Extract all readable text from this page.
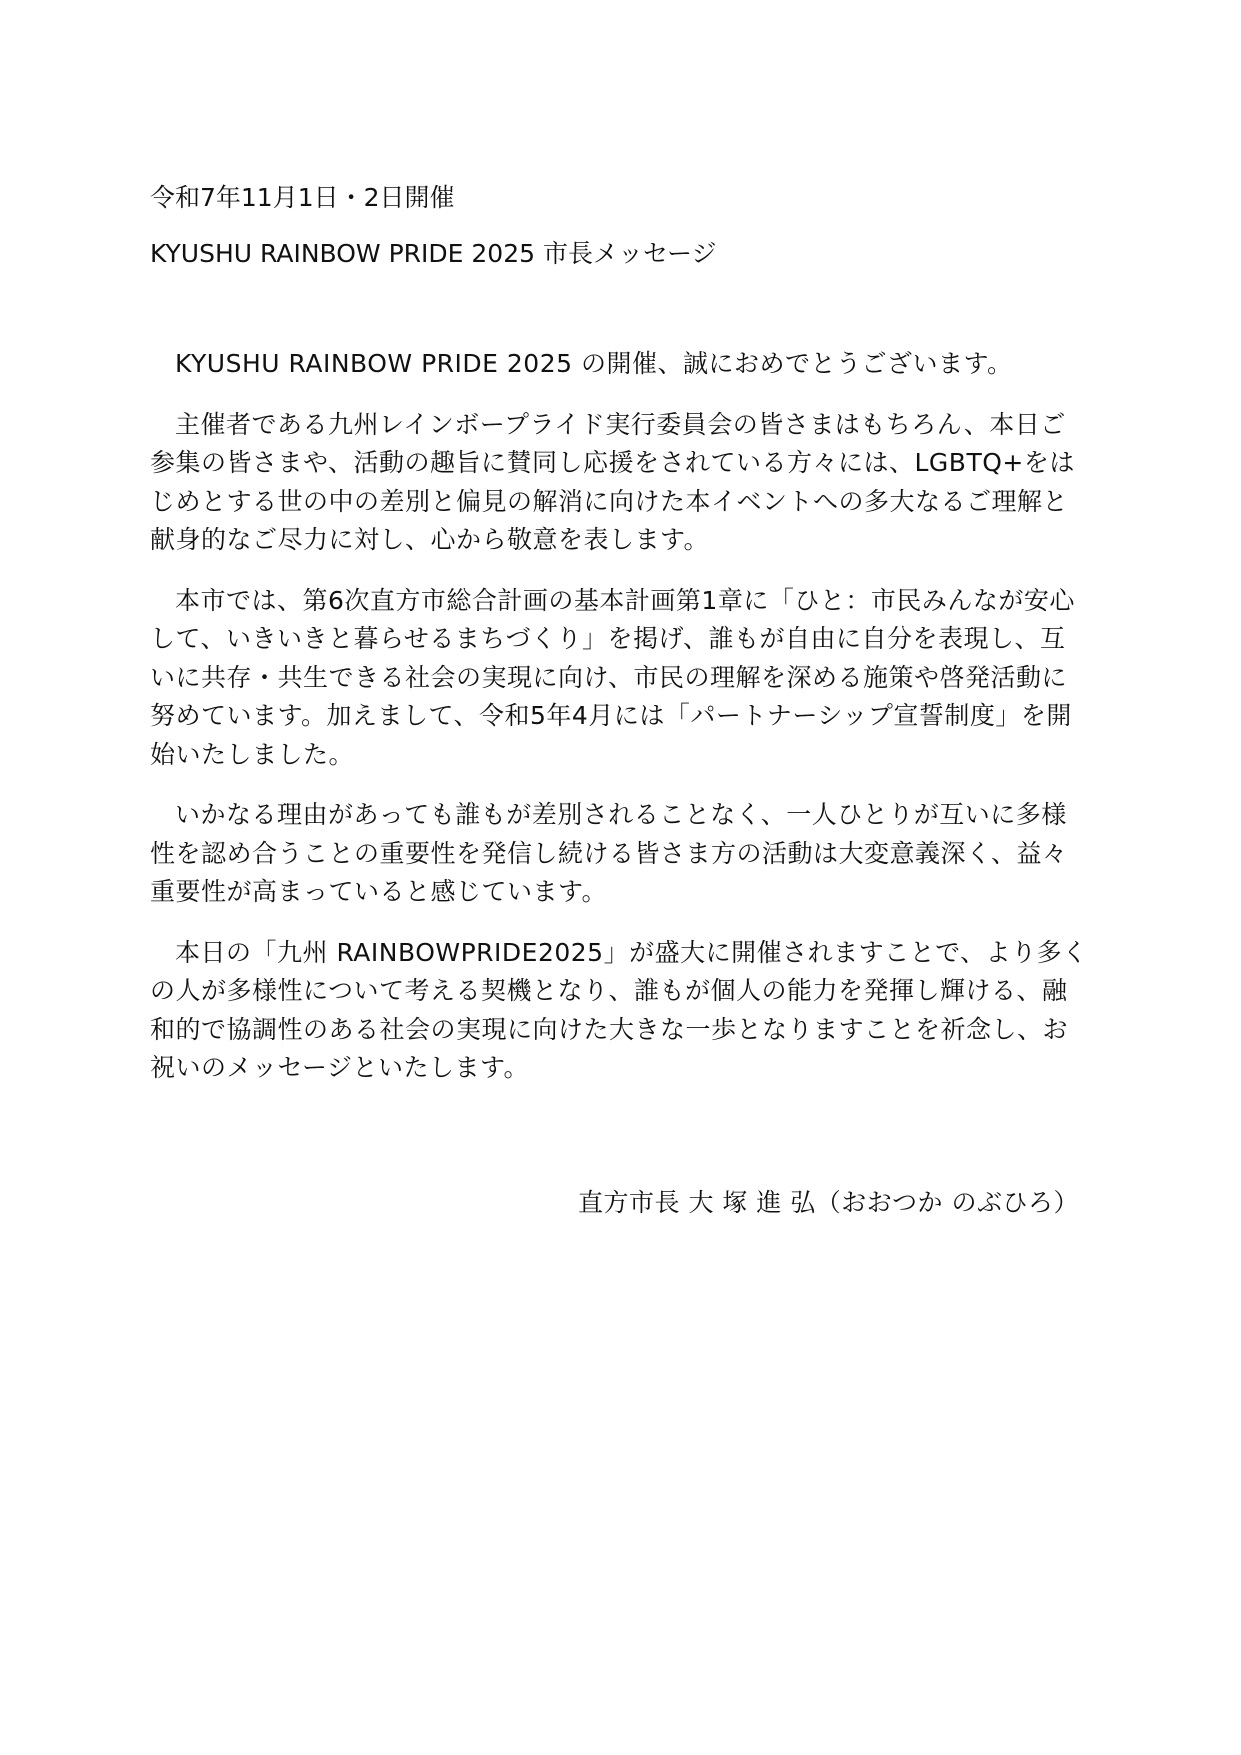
令和7年11月1日・2日開催
KYUSHU RAINBOW PRIDE 2025 市長メッセージ

KYUSHU RAINBOW PRIDE 2025 の開催、誠におめでとうございます。

主催者である九州レインボープライド実行委員会の皆さまはもちろん、本日ご参集の皆さまや、活動の趣旨に賛同し応援をされている方々には、LGBTQ+をはじめとする世の中の差別と偏見の解消に向けた本イベントへの多大なるご理解と献身的なご尽力に対し、心から敬意を表します。

本市では、第6次直方市総合計画の基本計画第1章に「ひと：市民みんなが安心して、いきいきと暮らせるまちづくり」を掲げ、誰もが自由に自分を表現し、互いに共存・共生できる社会の実現に向け、市民の理解を深める施策や啓発活動に努めています。加えまして、令和5年4月には「パートナーシップ宣誓制度」を開始いたしました。

いかなる理由があっても誰もが差別されることなく、一人ひとりが互いに多様性を認め合うことの重要性を発信し続ける皆さま方の活動は大変意義深く、益々重要性が高まっていると感じています。

本日の「九州 RAINBOWPRIDE2025」が盛大に開催されますことで、より多くの人が多様性について考える契機となり、誰もが個人の能力を発揮し輝ける、融和的で協調性のある社会の実現に向けた大きな一歩となりますことを祈念し、お祝いのメッセージといたします。

直方市長 大 塚 進 弘（おおつか のぶひろ）
